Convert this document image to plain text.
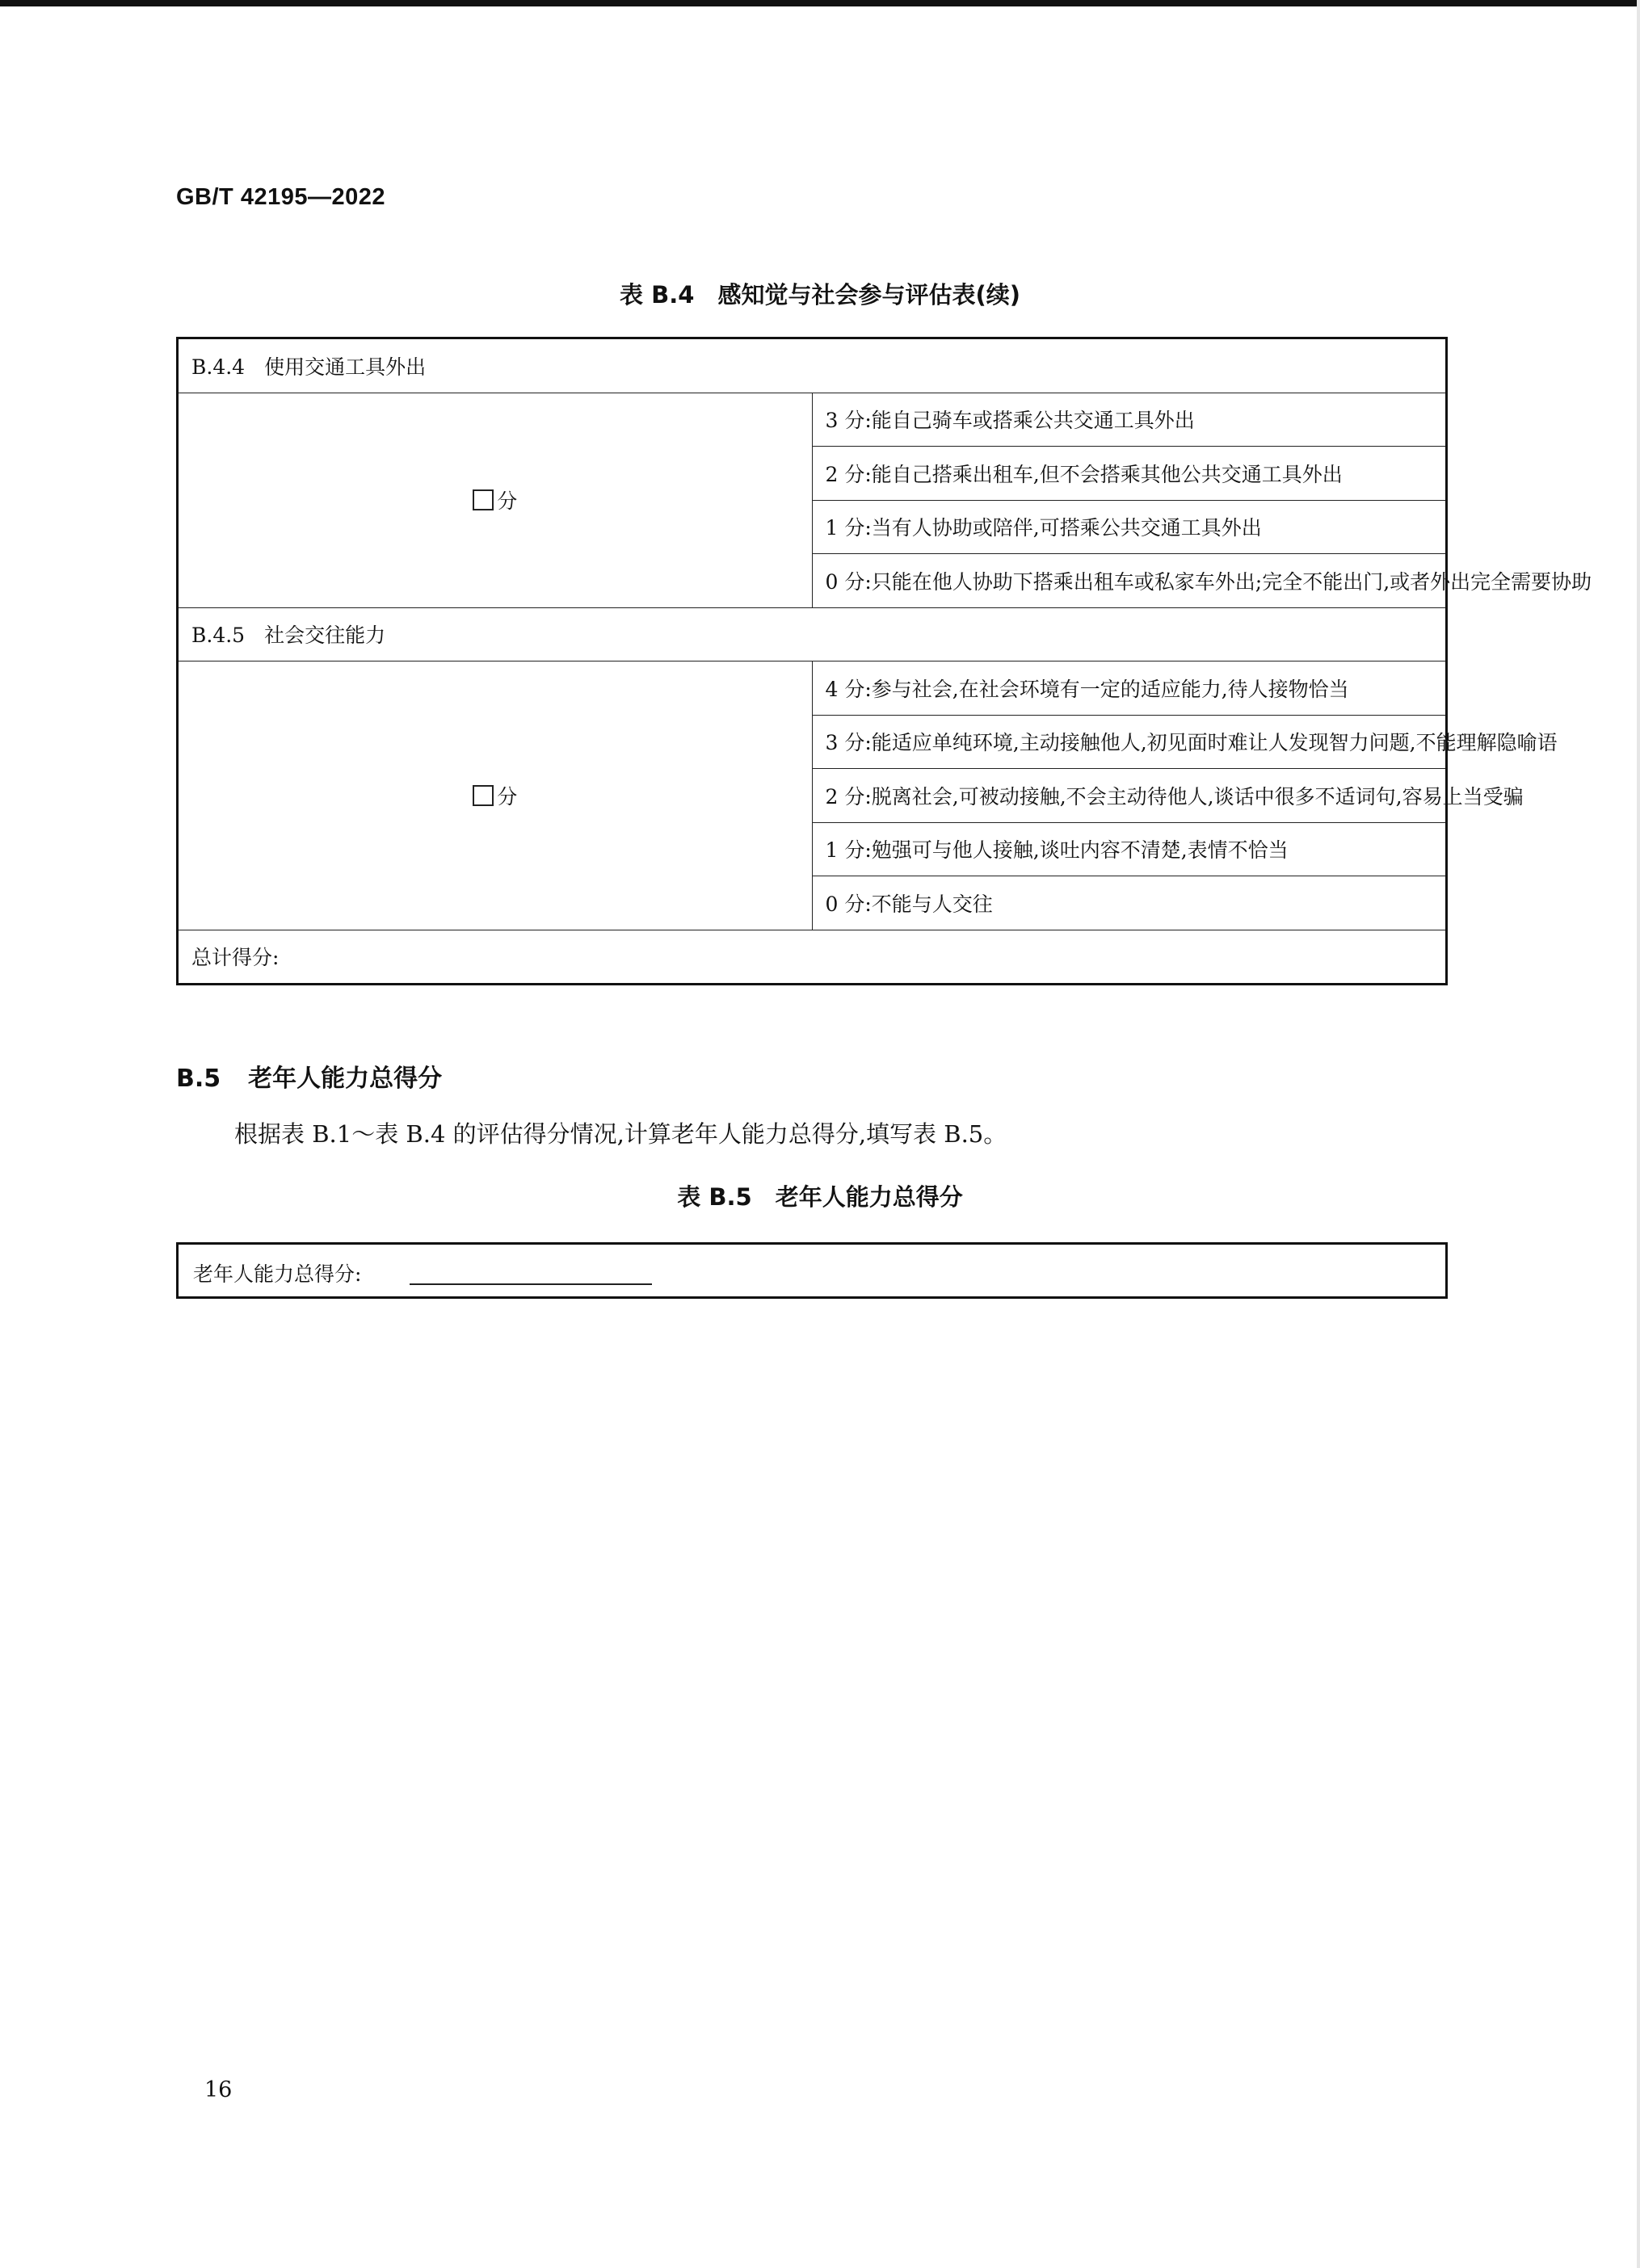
GB/T 42195—2022
表 B.4　感知觉与社会参与评估表(续)
B.4.4 使用交通工具外出	
分	3 分:能自己骑车或搭乘公共交通工具外出
	2 分:能自己搭乘出租车,但不会搭乘其他公共交通工具外出
	1 分:当有人协助或陪伴,可搭乘公共交通工具外出
	0 分:只能在他人协助下搭乘出租车或私家车外出;完全不能出门,或者外出完全需要协助
B.4.5 社会交往能力	
分	4 分:参与社会,在社会环境有一定的适应能力,待人接物恰当
	3 分:能适应单纯环境,主动接触他人,初见面时难让人发现智力问题,不能理解隐喻语
	2 分:脱离社会,可被动接触,不会主动待他人,谈话中很多不适词句,容易上当受骗
	1 分:勉强可与他人接触,谈吐内容不清楚,表情不恰当
	0 分:不能与人交往
总计得分:	
B.5 老年人能力总得分
根据表 B.1～表 B.4 的评估得分情况,计算老年人能力总得分,填写表 B.5。
表 B.5　老年人能力总得分
老年人能力总得分:
16
